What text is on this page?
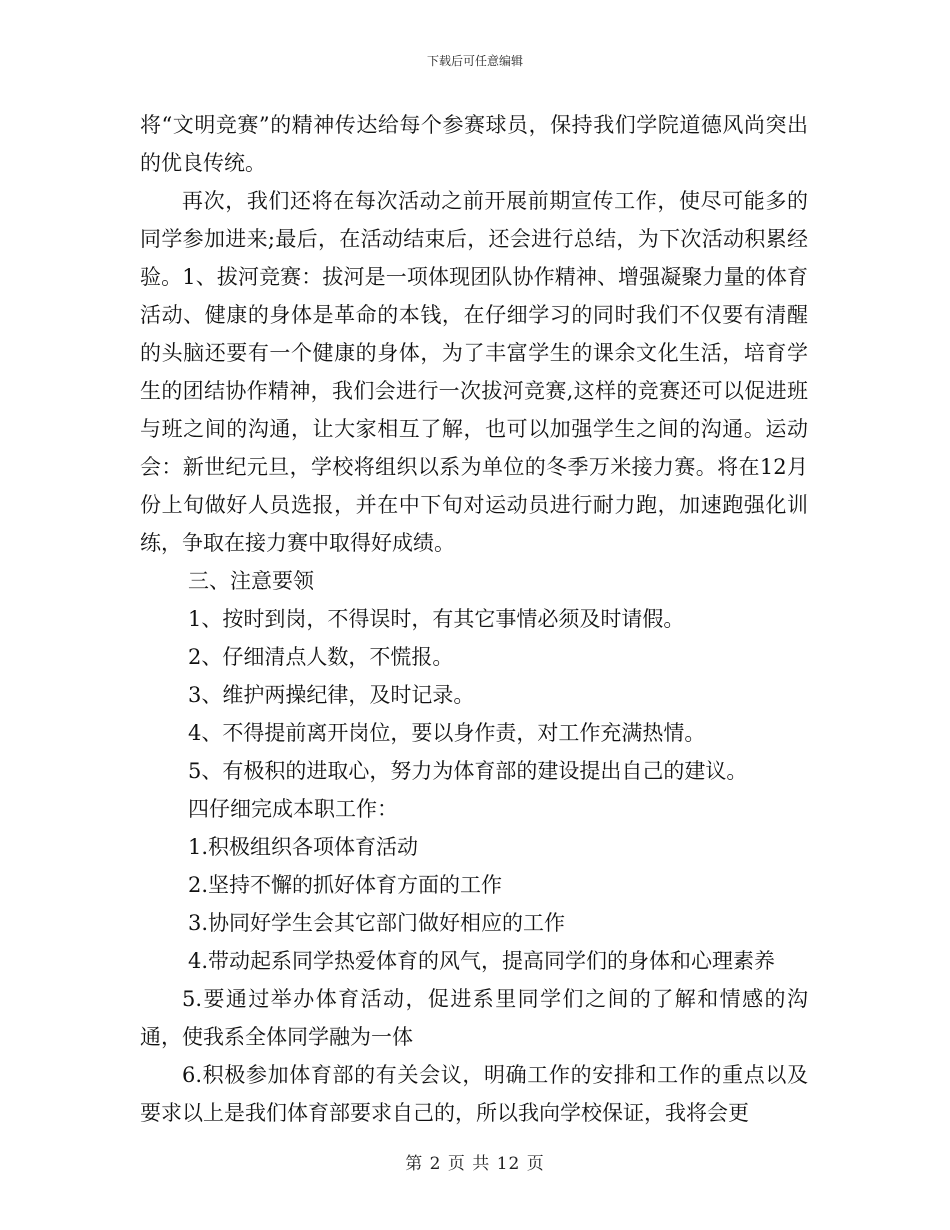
下载后可任意编辑

将“文明竞赛”的精神传达给每个参赛球员，保持我们学院道德风尚突出的优良传统。

再次，我们还将在每次活动之前开展前期宣传工作，使尽可能多的同学参加进来;最后，在活动结束后，还会进行总结，为下次活动积累经验。1、拔河竞赛：拔河是一项体现团队协作精神、增强凝聚力量的体育活动、健康的身体是革命的本钱，在仔细学习的同时我们不仅要有清醒的头脑还要有一个健康的身体，为了丰富学生的课余文化生活，培育学生的团结协作精神，我们会进行一次拔河竞赛,这样的竞赛还可以促进班与班之间的沟通，让大家相互了解，也可以加强学生之间的沟通。运动会：新世纪元旦，学校将组织以系为单位的冬季万米接力赛。将在12月份上旬做好人员选报，并在中下旬对运动员进行耐力跑，加速跑强化训练，争取在接力赛中取得好成绩。

三、注意要领

1、按时到岗，不得误时，有其它事情必须及时请假。

2、仔细清点人数，不慌报。

3、维护两操纪律，及时记录。

4、不得提前离开岗位，要以身作责，对工作充满热情。

5、有极积的进取心，努力为体育部的建设提出自己的建议。

四仔细完成本职工作：

1.积极组织各项体育活动

2.坚持不懈的抓好体育方面的工作

3.协同好学生会其它部门做好相应的工作

4.带动起系同学热爱体育的风气，提高同学们的身体和心理素养

5.要通过举办体育活动，促进系里同学们之间的了解和情感的沟通，使我系全体同学融为一体

6.积极参加体育部的有关会议，明确工作的安排和工作的重点以及要求以上是我们体育部要求自己的，所以我向学校保证，我将会更

第 2 页 共 12 页
